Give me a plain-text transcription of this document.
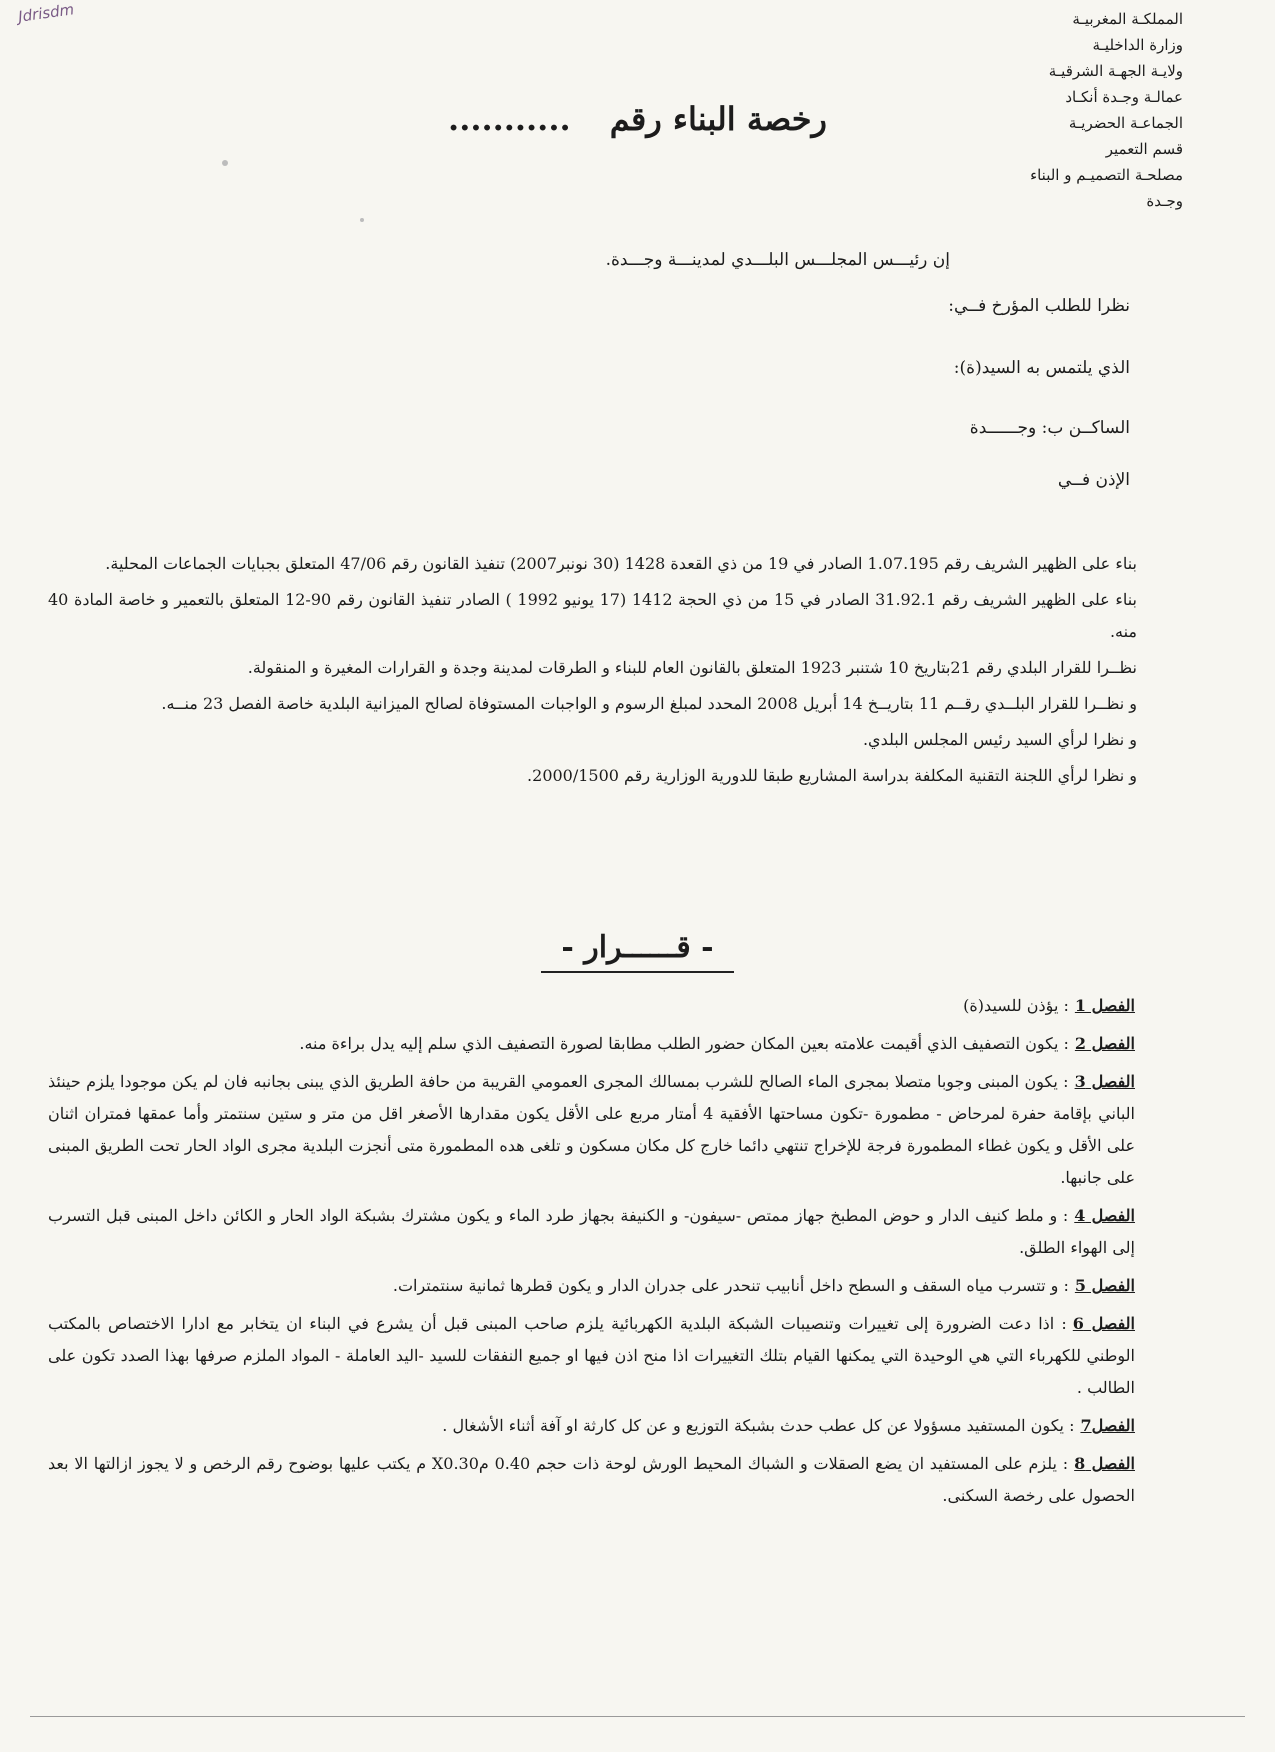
Jdrisdm	المملكـة المغربيـة
وزارة الداخليـة
ولايـة الجهـة الشرقيـة
عمالـة وجـدة أنكـاد
الجماعـة الحضريـة
قسم التعمير
مصلحـة التصميـم و البناء
وجـدة
رخصة البناء رقم ...........
إن رئيـــس المجلـــس البلـــدي لمدينـــة وجـــدة.
نظرا للطلب المؤرخ فــي:
الذي يلتمس به السيد(ة):
الساكــن ب: وجــــــدة
الإذن فــي

بناء على الظهير الشريف رقم 1.07.195 الصادر في 19 من ذي القعدة 1428 (30 نونبر2007) تنفيذ القانون رقم 47/06 المتعلق بجبايات الجماعات المحلية.

بناء على الظهير الشريف رقم 31.92.1 الصادر في 15 من ذي الحجة 1412 (17 يونيو 1992 ) الصادر تنفيذ القانون رقم 90-12 المتعلق بالتعمير و خاصة المادة 40 منه.

نظــرا للقرار البلدي رقم 21بتاريخ 10 شتنبر 1923 المتعلق بالقانون العام للبناء و الطرقات لمدينة وجدة و القرارات المغيرة و المنقولة.

و نظــرا للقرار البلــدي رقــم 11 بتاريــخ 14 أبريل 2008 المحدد لمبلغ الرسوم و الواجبات المستوفاة لصالح الميزانية البلدية خاصة الفصل 23 منــه.

و نظرا لرأي السيد رئيس المجلس البلدي.

و نظرا لرأي اللجنة التقنية المكلفة بدراسة المشاريع طبقا للدورية الوزارية رقم 2000/1500.

- قــــــرار -

الفصل 1: يؤذن للسيد(ة)

الفصل 2: يكون التصفيف الذي أقيمت علامته بعين المكان حضور الطلب مطابقا لصورة التصفيف الذي سلم إليه يدل براءة منه.

الفصل 3: يكون المبنى وجوبا متصلا بمجرى الماء الصالح للشرب بمسالك المجرى العمومي القريبة من حافة الطريق الذي يبنى بجانبه فان لم يكن موجودا يلزم حينئذ الباني بإقامة حفرة لمرحاض - مطمورة -تكون مساحتها الأفقية 4 أمتار مربع على الأقل يكون مقدارها الأصغر اقل من متر و ستين سنتمتر وأما عمقها فمتران اثنان على الأقل و يكون غطاء المطمورة فرجة للإخراج تنتهي دائما خارج كل مكان مسكون و تلغى هده المطمورة متى أنجزت البلدية مجرى الواد الحار تحت الطريق المبنى على جانبها.

الفصل 4: و ملط كنيف الدار و حوض المطبخ جهاز ممتص -سيفون- و الكنيفة بجهاز طرد الماء و يكون مشترك بشبكة الواد الحار و الكائن داخل المبنى قبل التسرب إلى الهواء الطلق.

الفصل 5: و تتسرب مياه السقف و السطح داخل أنابيب تنحدر على جدران الدار و يكون قطرها ثمانية سنتمترات.

الفصل 6: اذا دعت الضرورة إلى تغييرات وتنصيبات الشبكة البلدية الكهربائية يلزم صاحب المبنى قبل أن يشرع في البناء ان يتخابر مع ادارا الاختصاص بالمكتب الوطني للكهرباء التي هي الوحيدة التي يمكنها القيام بتلك التغييرات اذا منح اذن فيها او جميع النفقات للسيد -اليد العاملة - المواد الملزم صرفها بهذا الصدد تكون على الطالب .

الفصل7: يكون المستفيد مسؤولا عن كل عطب حدث بشبكة التوزيع و عن كل كارثة او آفة أثناء الأشغال .

الفصل 8: يلزم على المستفيد ان يضع الصقلات و الشباك المحيط الورش لوحة ذات حجم 0.40 مX0.30 م يكتب عليها بوضوح رقم الرخص و لا يجوز ازالتها الا بعد الحصول على رخصة السكنى.
